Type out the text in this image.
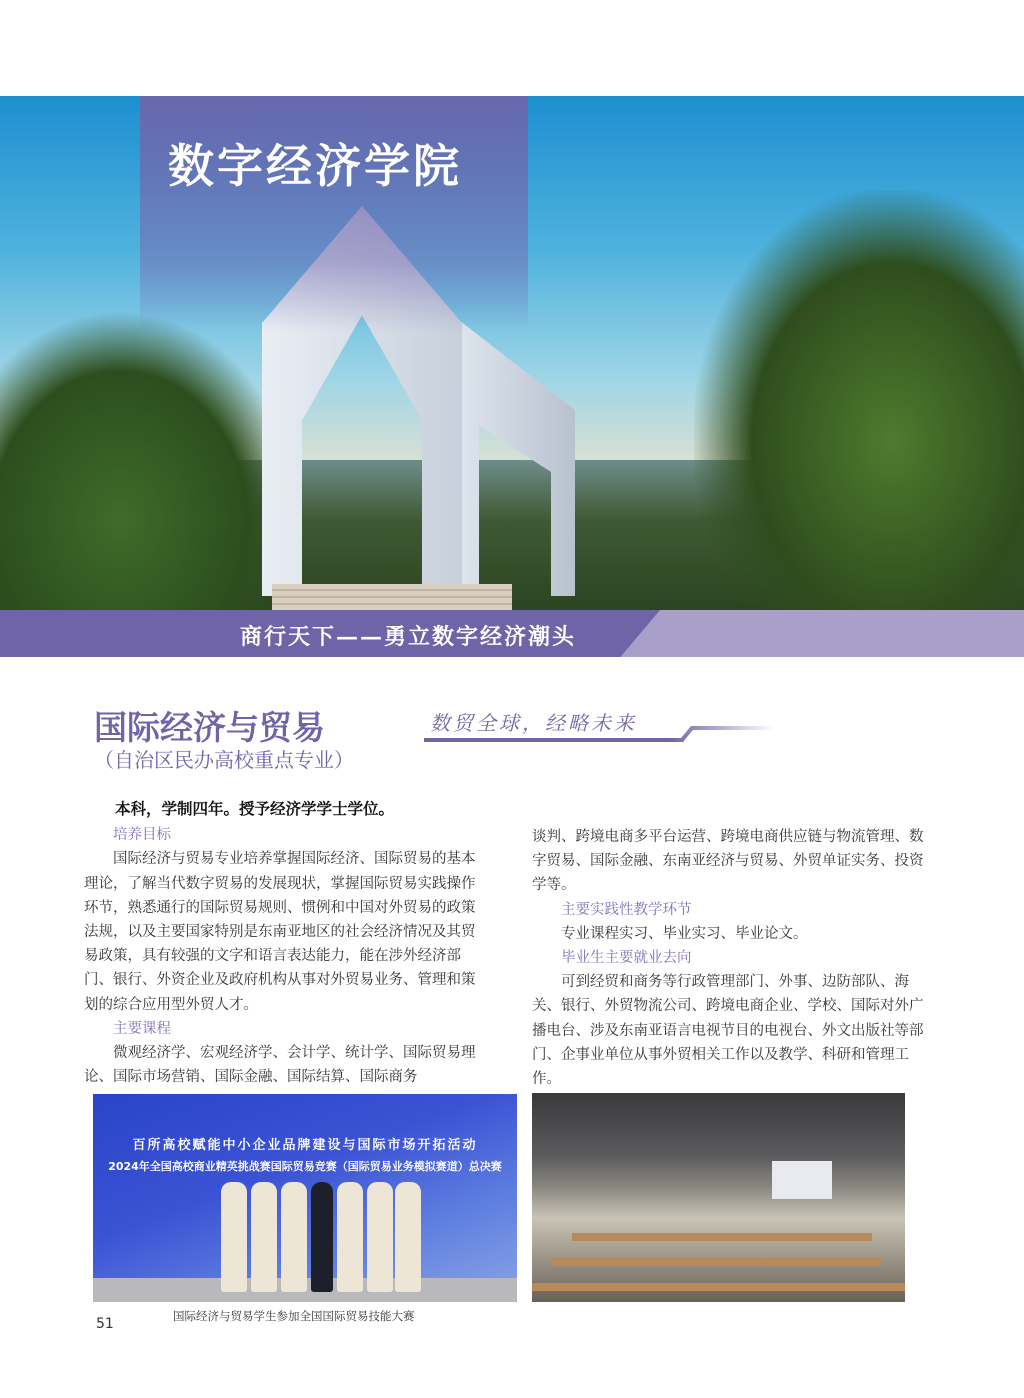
数字经济学院
商行天下——勇立数字经济潮头
国际经济与贸易
（自治区民办高校重点专业）
数贸全球，经略未来

本科，学制四年。授予经济学学士学位。

培养目标

国际经济与贸易专业培养掌握国际经济、国际贸易的基本理论，了解当代数字贸易的发展现状，掌握国际贸易实践操作环节，熟悉通行的国际贸易规则、惯例和中国对外贸易的政策法规，以及主要国家特别是东南亚地区的社会经济情况及其贸易政策，具有较强的文字和语言表达能力，能在涉外经济部门、银行、外资企业及政府机构从事对外贸易业务、管理和策划的综合应用型外贸人才。

主要课程

微观经济学、宏观经济学、会计学、统计学、国际贸易理论、国际市场营销、国际金融、国际结算、国际商务

谈判、跨境电商多平台运营、跨境电商供应链与物流管理、数字贸易、国际金融、东南亚经济与贸易、外贸单证实务、投资学等。

主要实践性教学环节

专业课程实习、毕业实习、毕业论文。

毕业生主要就业去向

可到经贸和商务等行政管理部门、外事、边防部队、海关、银行、外贸物流公司、跨境电商企业、学校、国际对外广播电台、涉及东南亚语言电视节目的电视台、外文出版社等部门、企事业单位从事外贸相关工作以及教学、科研和管理工作。

百所高校赋能中小企业品牌建设与国际市场开拓活动
2024年全国高校商业精英挑战赛国际贸易竞赛（国际贸易业务模拟赛道）总决赛
国际经济与贸易学生参加全国国际贸易技能大赛
51
